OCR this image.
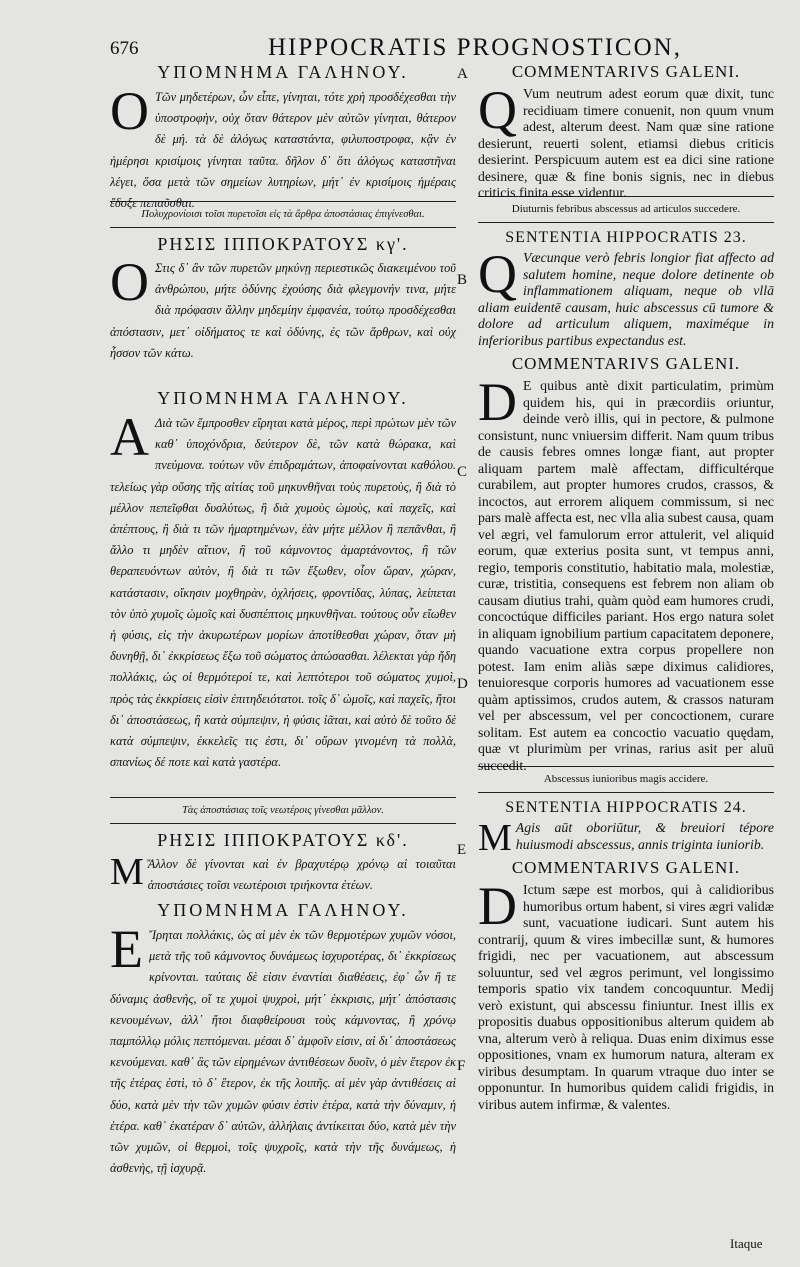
676	HIPPOCRATIS PROGNOSTICON,
A
B
C
D
E
F
ΥΠΟΜΝΗΜΑ ΓΑΛΗΝΟΥ.

Ο Τῶν μηδετέρων, ὧν εἶπε, γίνηται, τότε χρὴ προσδέχεσθαι τὴν ὑποστροφὴν, οὐχ ὅταν θάτερον μὲν αὐτῶν γίνηται, θάτερον δὲ μή. τὰ δὲ ἀλόγως καταστάντα, φιλυποστροφα, κᾂν ἐν ἡμέρησι κρισίμοις γίνηται ταῦτα. δῆλον δ᾽ ὅτι ἀλόγως καταστῆναι λέγει, ὅσα μετὰ τῶν σημείων λυτηρίων, μήτ᾽ ἐν κρισίμοις ἡμέραις ἔδοξε πεπαῦσθαι.

Πολυχρονίοισι τοῖσι πυρετοῖσι εἰς τὰ ἄρθρα ἀποστάσιας ἐπιγίνεσθαι.

ΡΗΣΙΣ ΙΠΠΟΚΡΑΤΟΥΣ κγ'.

Ο Στις δ᾽ ἂν τῶν πυρετῶν μηκύνῃ περιεστικῶς διακειμένου τοῦ ἀνθρώπου, μήτε ὀδύνης ἐχούσης διὰ φλεγμονήν τινα, μήτε διὰ πρόφασιν ἄλλην μηδεμίην ἐμφανέα, τούτῳ προσδέχεσθαι ἀπόστασιν, μετ᾽ οἰδήματος τε καὶ ὀδύνης, ἐς τῶν ἄρθρων, καὶ οὐχ ἧσσον τῶν κάτω.

ΥΠΟΜΝΗΜΑ ΓΑΛΗΝΟΥ.

Α Διὰ τῶν ἔμπροσθεν εἴρηται κατὰ μέρος, περὶ πρώτων μὲν τῶν καθ᾽ ὑποχόνδρια, δεύτερον δὲ, τῶν κατὰ θώρακα, καὶ πνεύμονα. τούτων νῦν ἐπιδραμάτων, ἀποφαίνονται καθόλου. τελείως γὰρ οὔσης τῆς αἰτίας τοῦ μηκυνθῆναι τοὺς πυρετοὺς, ἢ διὰ τὸ μέλλον πεπεῖφθαι δυσλύτως, ἢ διὰ χυμοὺς ὠμοὺς, καὶ παχεῖς, καὶ ἀπέπτους, ἢ διὰ τι τῶν ἡμαρτημένων, ἐὰν μήτε μέλλον ἢ πεπᾶνθαι, ἢ ἄλλο τι μηδὲν αἴτιον, ἢ τοῦ κάμνοντος ἁμαρτάνοντος, ἢ τῶν θεραπευόντων αὐτὸν, ἢ διὰ τι τῶν ἔξωθεν, οἷον ὥραν, χώραν, κατάστασιν, οἴκησιν μοχθηρὰν, ὀχλήσεις, φροντίδας, λύπας, λείπεται τὸν ὑπὸ χυμοῖς ὠμοῖς καὶ δυσπέπτοις μηκυνθῆναι. τούτους οὖν εἴωθεν ἡ φύσις, εἰς τὴν ἀκυρωτέρων μορίων ἀποτίθεσθαι χώραν, ὅταν μὴ δυνηθῇ, δι᾽ ἐκκρίσεως ἔξω τοῦ σώματος ἀπώσασθαι. λέλεκται γὰρ ἤδη πολλάκις, ὡς οἱ θερμότεροί τε, καὶ λεπτότεροι τοῦ σώματος χυμοὶ, πρὸς τὰς ἐκκρίσεις εἰσὶν ἐπιτηδειότατοι. τοῖς δ᾽ ὠμοῖς, καὶ παχεῖς, ἤτοι δι᾽ ἀποστάσεως, ἢ κατὰ σύμπεψιν, ἡ φύσις ἰᾶται, καὶ αὐτὸ δὲ τοῦτο δὲ κατὰ σύμπεψιν, ἐκκελεῖς τις ἐστι, δι᾽ οὔρων γινομένη τὰ πολλὰ, σπανίως δέ ποτε καὶ κατὰ γαστέρα.

Τὰς ἀποστάσιας τοῖς νεωτέροις γίνεσθαι μᾶλλον.

ΡΗΣΙΣ ΙΠΠΟΚΡΑΤΟΥΣ κδ'.

Μ Ἄλλον δὲ γίνονται καὶ ἐν βραχυτέρῳ χρόνῳ αἱ τοιαῦται ἀποστάσιες τοῖσι νεωτέροισι τριήκοντα ἐτέων.

ΥΠΟΜΝΗΜΑ ΓΑΛΗΝΟΥ.

Ε Ἴρηται πολλάκις, ὡς αἱ μὲν ἐκ τῶν θερμοτέρων χυμῶν νόσοι, μετὰ τῆς τοῦ κάμνοντος δυνάμεως ἰσχυροτέρας, δι᾽ ἐκκρίσεως κρίνονται. ταύταις δὲ εἰσιν ἐναντίαι διαθέσεις, ἐφ᾽ ὧν ἥ τε δύναμις ἀσθενὴς, οἵ τε χυμοὶ ψυχροὶ, μήτ᾽ ἐκκρισις, μήτ᾽ ἀπόστασις κενουμένων, ἀλλ᾽ ἤτοι διαφθείρουσι τοὺς κάμνοντας, ἢ χρόνῳ παμπόλλῳ μόλις πεπτόμεναι. μέσαι δ᾽ ἀμφοῖν εἰσιν, αἱ δι᾽ ἀποστάσεως κενούμεναι. καθ᾽ ἃς τῶν εἰρημένων ἀντιθέσεων δυοῖν, ὁ μὲν ἕτερον ἐκ τῆς ἑτέρας ἐστὶ, τὸ δ᾽ ἕτερον, ἐκ τῆς λοιπῆς. αἱ μὲν γὰρ ἀντιθέσεις αἱ δύο, κατὰ μὲν τὴν τῶν χυμῶν φύσιν ἐστὶν ἑτέρα, κατὰ τὴν δύναμιν, ἡ ἑτέρα. καθ᾽ ἑκατέραν δ᾽ αὐτῶν, ἀλλήλαις ἀντίκειται δύο, κατὰ μὲν τὴν τῶν χυμῶν, οἱ θερμοὶ, τοῖς ψυχροῖς, κατὰ τὴν τῆς δυνάμεως, ἡ ἀσθενὴς, τῇ ἰσχυρᾷ.

COMMENTARIVS GALENI.

Q Vum neutrum adest eorum quæ dixit, tunc recidiuam timere conuenit, non quum vnum adest, alterum deest. Nam quæ sine ratione desierunt, reuerti solent, etiamsi diebus criticis desierint. Perspicuum autem est ea dici sine ratione desinere, quæ & fine bonis signis, nec in diebus criticis finita esse videntur.

Diuturnis febribus abscessus ad articulos succedere.

SENTENTIA HIPPOCRATIS 23.

Q Væcunque verò febris longior fiat affecto ad salutem homine, neque dolore detinente ob inflammationem aliquam, neque ob vllā aliam euidentē causam, huic abscessus cū tumore & dolore ad articulum aliquem, maximéque in inferioribus partibus expectandus est.

COMMENTARIVS GALENI.

D E quibus antè dixit particulatim, primùm quidem his, qui in præcordiis oriuntur, deinde verò illis, qui in pectore, & pulmone consistunt, nunc vniuersim differit. Nam quum tribus de causis febres omnes longæ fiant, aut propter aliquam partem malè affectam, difficultérque curabilem, aut propter humores crudos, crassos, & incoctos, aut errorem aliquem commissum, si nec pars malè affecta est, nec vlla alia subest causa, quam vel ægri, vel famulorum error attulerit, vel aliquid eorum, quæ exterius posita sunt, vt tempus anni, regio, temporis constitutio, habitatio mala, molestiæ, curæ, tristitia, consequens est febrem non aliam ob causam diutius trahi, quàm quòd eam humores crudi, concoctúque difficiles pariant. Hos ergo natura solet in aliquam ignobilium partium capacitatem deponere, quando vacuatione extra corpus propellere non potest. Iam enim aliàs sæpe diximus calidiores, tenuioresque corporis humores ad vacuationem esse quàm aptissimos, crudos autem, & crassos naturam vel per abscessum, vel per concoctionem, curare solitam. Est autem ea concoctio vacuatio quędam, quæ vt plurimùm per vrinas, rarius asit per aluū succedit.

Abscessus iunioribus magis accidere.

SENTENTIA HIPPOCRATIS 24.

M Agis aūt oboriūtur, & breuiori tépore huiusmodi abscessus, annis triginta iuniorib.

COMMENTARIVS GALENI.

D Ictum sæpe est morbos, qui à calidioribus humoribus ortum habent, si vires ægri validæ sunt, vacuatione iudicari. Sunt autem his contrarij, quum & vires imbecillæ sunt, & humores frigidi, nec per vacuationem, aut abscessum soluuntur, sed vel ægros perimunt, vel longissimo temporis spatio vix tandem concoquuntur. Medij verò existunt, qui abscessu finiuntur. Inest illis ex propositis duabus oppositionibus alterum quidem ab vna, alterum verò à reliqua. Duas enim diximus esse oppositiones, vnam ex humorum natura, alteram ex viribus desumptam. In quarum vtraque duo inter se opponuntur. In humoribus quidem calidi frigidis, in viribus autem infirmæ, & valentes.

Itaque
